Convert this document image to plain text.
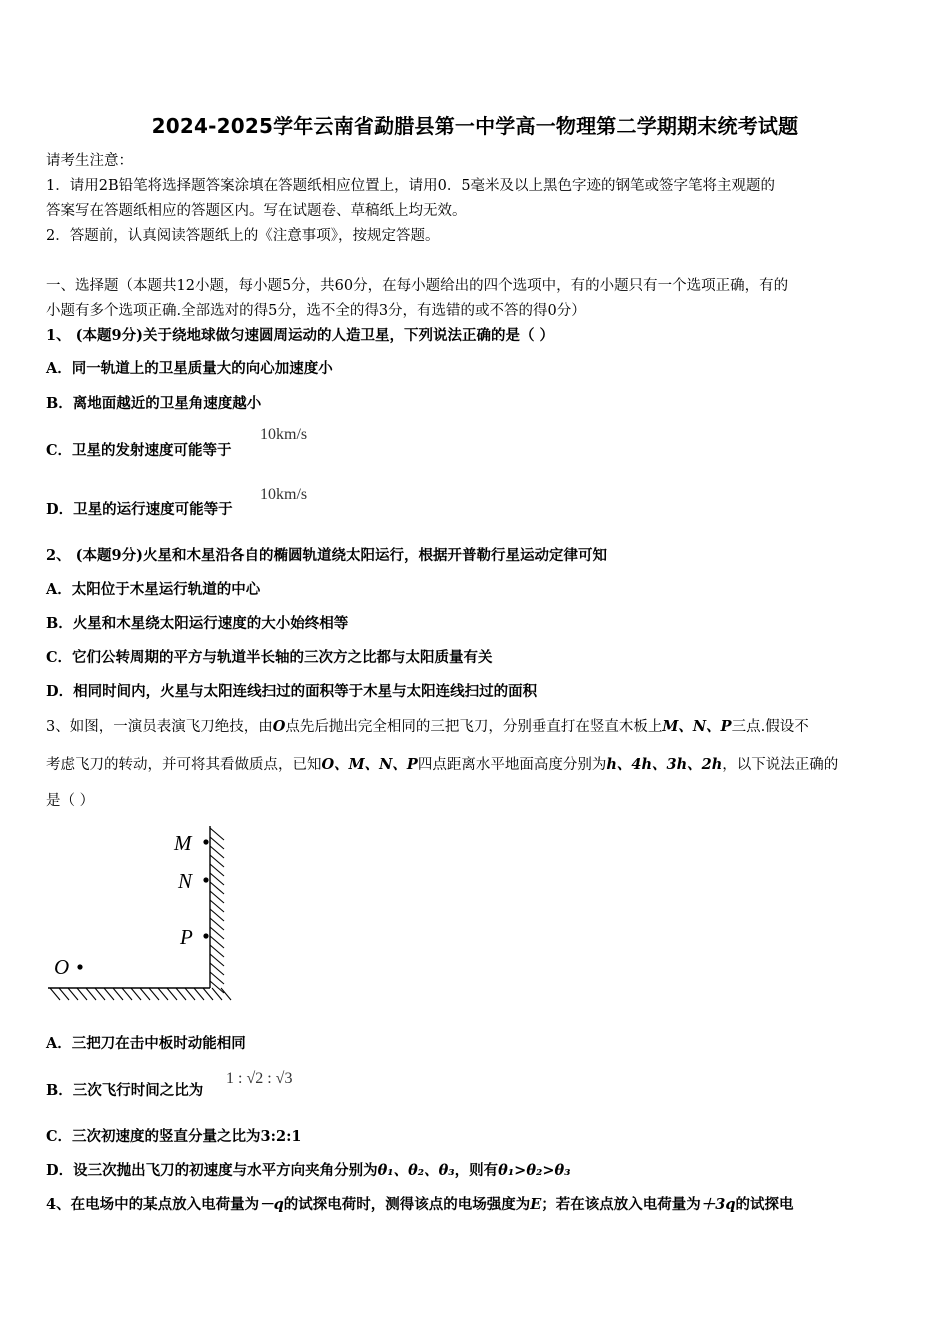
2024-2025学年云南省勐腊县第一中学高一物理第二学期期末统考试题
请考生注意：
1．请用2B铅笔将选择题答案涂填在答题纸相应位置上，请用0．5毫米及以上黑色字迹的钢笔或签字笔将主观题的
答案写在答题纸相应的答题区内。写在试题卷、草稿纸上均无效。
2．答题前，认真阅读答题纸上的《注意事项》，按规定答题。
一、选择题（本题共12小题，每小题5分，共60分，在每小题给出的四个选项中，有的小题只有一个选项正确，有的
小题有多个选项正确.全部选对的得5分，选不全的得3分，有选错的或不答的得0分）
1、 (本题9分)关于绕地球做匀速圆周运动的人造卫星，下列说法正确的是（ ）
A．同一轨道上的卫星质量大的向心加速度小
B．离地面越近的卫星角速度越小
C．卫星的发射速度可能等于
10km/s
D．卫星的运行速度可能等于
10km/s
2、 (本题9分)火星和木星沿各自的椭圆轨道绕太阳运行，根据开普勒行星运动定律可知
A．太阳位于木星运行轨道的中心
B．火星和木星绕太阳运行速度的大小始终相等
C．它们公转周期的平方与轨道半长轴的三次方之比都与太阳质量有关
D．相同时间内，火星与太阳连线扫过的面积等于木星与太阳连线扫过的面积
3、如图，一演员表演飞刀绝技，由O点先后抛出完全相同的三把飞刀，分别垂直打在竖直木板上M、N、P三点.假设不
考虑飞刀的转动，并可将其看做质点，已知O、M、N、P四点距离水平地面高度分别为h、4h、3h、2h，以下说法正确的
是（ ）
M
N
P
O
A．三把刀在击中板时动能相同
B．三次飞行时间之比为
1 : √2 : √3
C．三次初速度的竖直分量之比为3:2:1
D．设三次抛出飞刀的初速度与水平方向夹角分别为θ₁、θ₂、θ₃，则有θ₁>θ₂>θ₃
4、在电场中的某点放入电荷量为－q的试探电荷时，测得该点的电场强度为E；若在该点放入电荷量为＋3q的试探电
